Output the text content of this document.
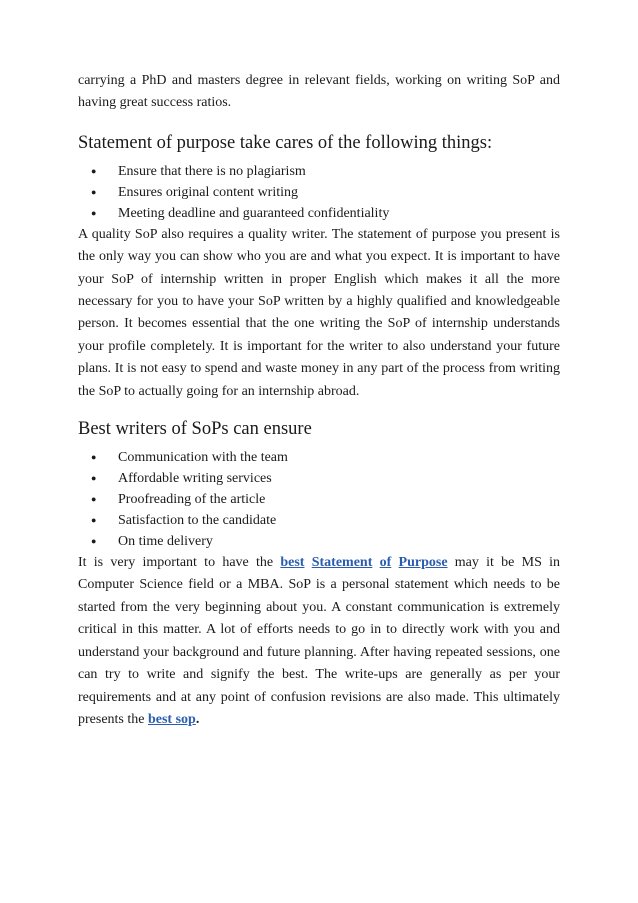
carrying a PhD and masters degree in relevant fields, working on writing SoP and having great success ratios.

Statement of purpose take cares of the following things:
● Ensure that there is no plagiarism
● Ensures original content writing
● Meeting deadline and guaranteed confidentiality

A quality SoP also requires a quality writer. The statement of purpose you present is the only way you can show who you are and what you expect. It is important to have your SoP of internship written in proper English which makes it all the more necessary for you to have your SoP written by a highly qualified and knowledgeable person. It becomes essential that the one writing the SoP of internship understands your profile completely. It is important for the writer to also understand your future plans. It is not easy to spend and waste money in any part of the process from writing the SoP to actually going for an internship abroad.

Best writers of SoPs can ensure
● Communication with the team
● Affordable writing services
● Proofreading of the article
● Satisfaction to the candidate
● On time delivery

It is very important to have the best Statement of Purpose may it be MS in Computer Science field or a MBA. SoP is a personal statement which needs to be started from the very beginning about you. A constant communication is extremely critical in this matter. A lot of efforts needs to go in to directly work with you and understand your background and future planning. After having repeated sessions, one can try to write and signify the best. The write-ups are generally as per your requirements and at any point of confusion revisions are also made. This ultimately presents the best sop.
